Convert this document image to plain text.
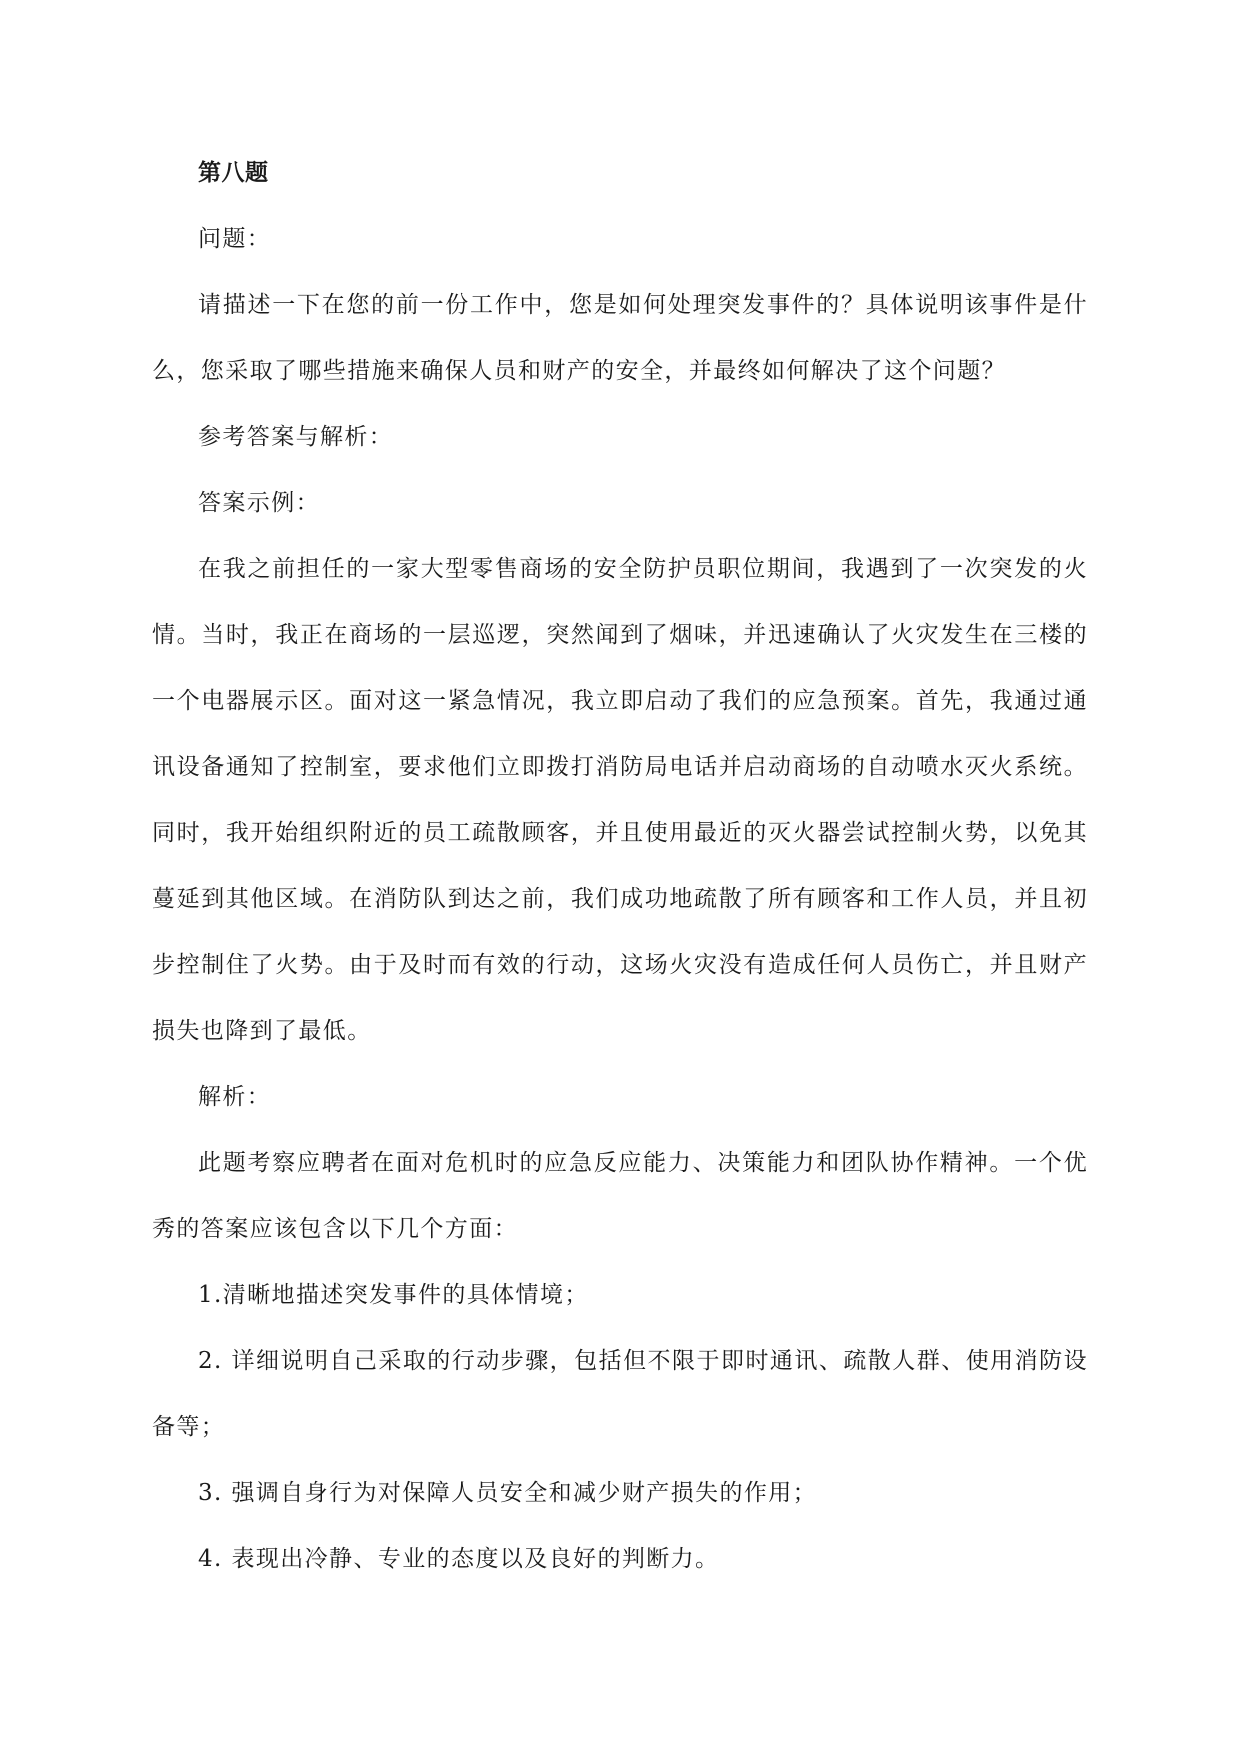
第八题

问题：

请描述一下在您的前一份工作中，您是如何处理突发事件的？具体说明该事件是什么，您采取了哪些措施来确保人员和财产的安全，并最终如何解决了这个问题？

参考答案与解析：

答案示例：

在我之前担任的一家大型零售商场的安全防护员职位期间，我遇到了一次突发的火情。当时，我正在商场的一层巡逻，突然闻到了烟味，并迅速确认了火灾发生在三楼的一个电器展示区。面对这一紧急情况，我立即启动了我们的应急预案。首先，我通过通讯设备通知了控制室，要求他们立即拨打消防局电话并启动商场的自动喷水灭火系统。同时，我开始组织附近的员工疏散顾客，并且使用最近的灭火器尝试控制火势，以免其蔓延到其他区域。在消防队到达之前，我们成功地疏散了所有顾客和工作人员，并且初步控制住了火势。由于及时而有效的行动，这场火灾没有造成任何人员伤亡，并且财产损失也降到了最低。

解析：

此题考察应聘者在面对危机时的应急反应能力、决策能力和团队协作精神。一个优秀的答案应该包含以下几个方面：

1.清晰地描述突发事件的具体情境；

2. 详细说明自己采取的行动步骤，包括但不限于即时通讯、疏散人群、使用消防设备等；

3. 强调自身行为对保障人员安全和减少财产损失的作用；

4. 表现出冷静、专业的态度以及良好的判断力。
